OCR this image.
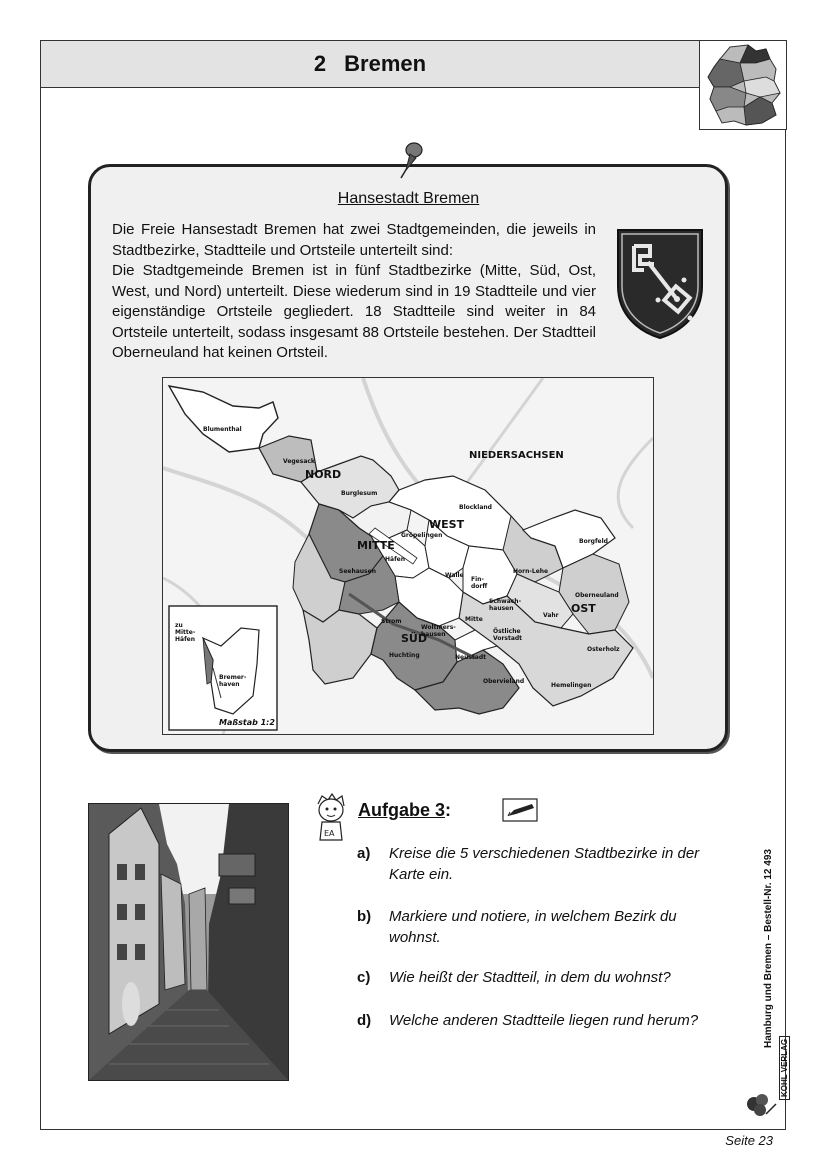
2 Bremen
Hansestadt Bremen

Die Freie Hansestadt Bremen hat zwei Stadtgemeinden, die jeweils in Stadtbezirke, Stadtteile und Ortsteile unterteilt sind:

Die Stadtgemeinde Bremen ist in fünf Stadtbezirke (Mitte, Süd, Ost, West, und Nord) unterteilt. Diese wiederum sind in 19 Stadtteile und vier eigenständige Ortsteile gegliedert. 18 Stadtteile sind weiter in 84 Ortsteile unterteilt, sodass insgesamt 88 Ortsteile bestehen. Der Stadtteil Oberneuland hat keinen Ortsteil.

NIEDERSACHSEN
NORD
WEST
MITTE
SÜD
OST
Blumenthal
Vegesack
Burglesum
Blockland
Gröpelingen
Häfen
Seehausen
Walle
Fin-
dorff
Horn-Lehe
Borgfeld
Oberneuland
Schwach-
hausen
Mitte
Vahr
Strom
Woltmers-
hausen	Östliche
Vorstadt
Osterholz
Huchting	Neustadt
Obervieland
Hemelingen
zu
Mitte-
Häfen
Bremer-
haven
Maßstab 1:2
EA
Aufgabe 3:
a) Kreise die 5 verschiedenen Stadtbezirke in der Karte ein.
b) Markiere und notiere, in welchem Bezirk du wohnst.
c) Wie heißt der Stadtteil, in dem du wohnst?
d) Welche anderen Stadtteile liegen rund herum?	Hamburg und Bremen – Bestell-Nr. 12 493
KOHL VERLAG
Seite 23
